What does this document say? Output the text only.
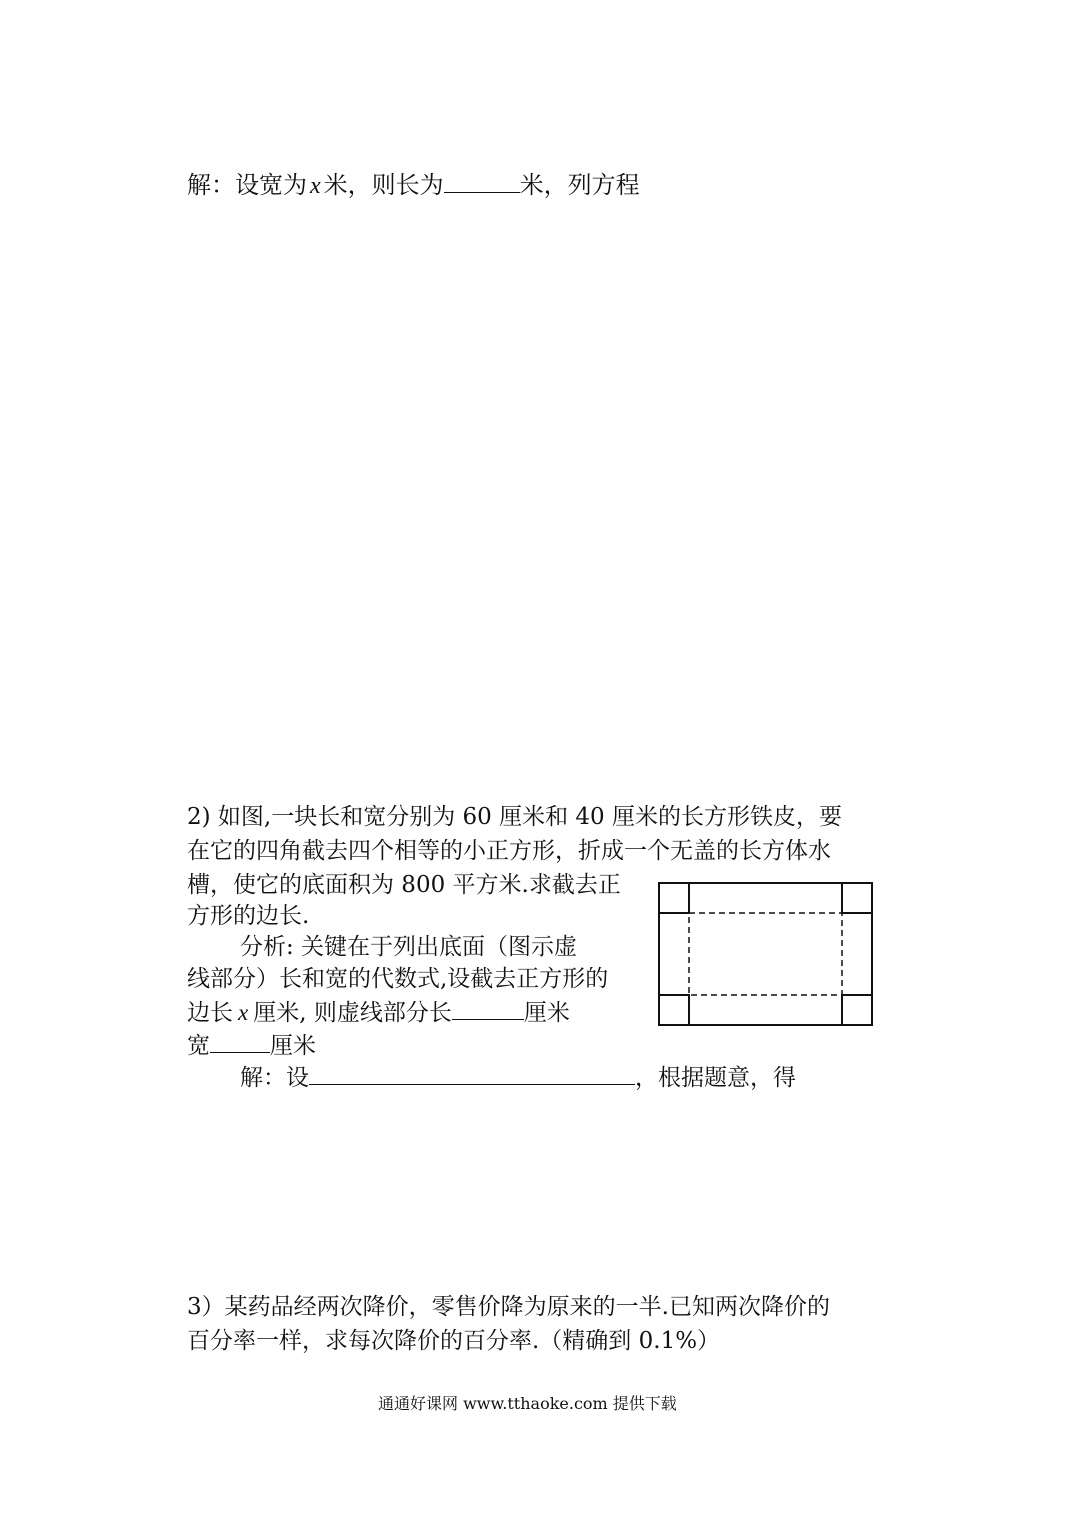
解：设宽为 x 米，则长为	米，列方程
2) 如图,一块长和宽分别为 60 厘米和 40 厘米的长方形铁皮，要
在它的四角截去四个相等的小正方形，折成一个无盖的长方体水
槽，使它的底面积为 800 平方米.求截去正
方形的边长.
分析: 关键在于列出底面（图示虚
线部分）长和宽的代数式,设截去正方形的
边长 x 厘米, 则虚线部分长	厘米
宽	厘米
解：设	，根据题意，得
3）某药品经两次降价，零售价降为原来的一半.已知两次降价的
百分率一样，求每次降价的百分率.（精确到 0.1%）
通通好课网 www.tthaoke.com 提供下载
